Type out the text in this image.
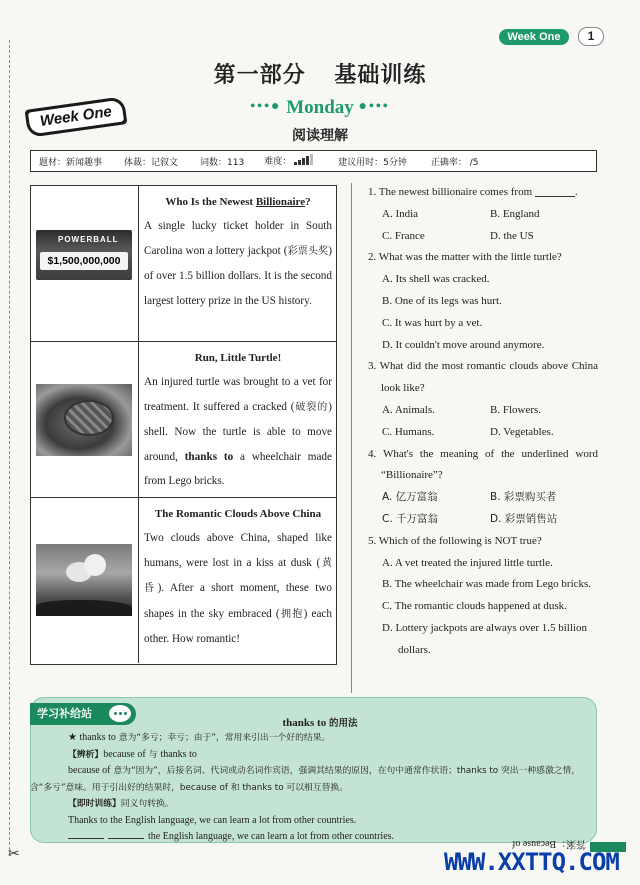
✂
Week One	1
第一部分 基础训练
Week One	•••● Monday ●•••
阅读理解
题材：新闻趣事	体裁：记叙文	词数：113	难度：	建议用时：5分钟	正确率： /5
POWERBALL
$1,500,000,000
Who Is the Newest Billionaire?
A single lucky ticket holder in South Carolina won a lottery jackpot (彩票头奖) of over 1.5 billion dollars. It is the second largest lottery prize in the US history.
Run, Little Turtle!
An injured turtle was brought to a vet for treatment. It suffered a cracked (破裂的) shell. Now the turtle is able to move around, thanks to a wheelchair made from Lego bricks.
The Romantic Clouds Above China
Two clouds above China, shaped like humans, were lost in a kiss at dusk (黄昏). After a short moment, these two shapes in the sky embraced (拥抱) each other. How romantic!
1. The newest billionaire comes from	.
A. India	B. England
C. France	D. the US
2. What was the matter with the little turtle?
A. Its shell was cracked.
B. One of its legs was hurt.
C. It was hurt by a vet.
D. It couldn't move around anymore.
3. What did the most romantic clouds above China look like?
A. Animals.	B. Flowers.
C. Humans.	D. Vegetables.
4. What's the meaning of the underlined word “Billionaire”?
A. 亿万富翁	B. 彩票购买者
C. 千万富翁	D. 彩票销售站
5. Which of the following is NOT true?
A. A vet treated the injured little turtle.
B. The wheelchair was made from Lego bricks.
C. The romantic clouds happened at dusk.
D. Lottery jackpots are always over 1.5 billion dollars.
学习补给站
thanks to 的用法
★ thanks to 意为“多亏；幸亏；由于”，常用来引出一个好的结果。
【辨析】because of 与 thanks to
because of 意为“因为”，后接名词、代词或动名词作宾语，强调其结果的原因，在句中通常作状语；thanks to 突出一种感激之情，含“多亏”意味。用于引出好的结果时，because of 和 thanks to 可以相互替换。
【即时训练】同义句转换。
Thanks to the English language, we can learn a lot from other countries.
the English language, we can learn a lot from other countries.
答案：Because of
WWW.XXTTQ.COM
